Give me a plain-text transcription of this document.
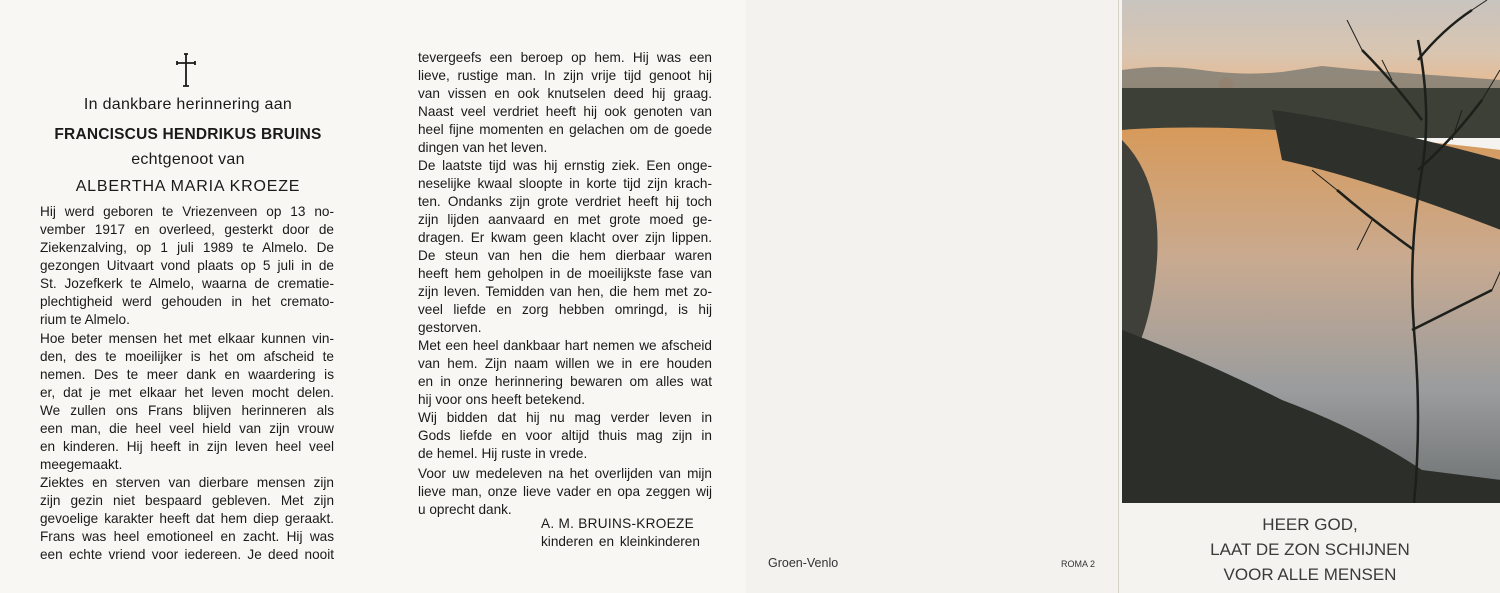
In dankbare herinnering aan
FRANCISCUS HENDRIKUS BRUINS
echtgenoot van
ALBERTHA MARIA KROEZE
Hij werd geboren te Vriezenveen op 13 no-
vember 1917 en overleed, gesterkt door de
Ziekenzalving, op 1 juli 1989 te Almelo. De
gezongen Uitvaart vond plaats op 5 juli in de
St. Jozefkerk te Almelo, waarna de crematie-
plechtigheid werd gehouden in het cremato-
rium te Almelo.
Hoe beter mensen het met elkaar kunnen vin-
den, des te moeilijker is het om afscheid te
nemen. Des te meer dank en waardering is
er, dat je met elkaar het leven mocht delen.
We zullen ons Frans blijven herinneren als
een man, die heel veel hield van zijn vrouw
en kinderen. Hij heeft in zijn leven heel veel
meegemaakt.
Ziektes en sterven van dierbare mensen zijn
zijn gezin niet bespaard gebleven. Met zijn
gevoelige karakter heeft dat hem diep geraakt.
Frans was heel emotioneel en zacht. Hij was
een echte vriend voor iedereen. Je deed nooit
tevergeefs een beroep op hem. Hij was een
lieve, rustige man. In zijn vrije tijd genoot hij
van vissen en ook knutselen deed hij graag.
Naast veel verdriet heeft hij ook genoten van
heel fijne momenten en gelachen om de goede
dingen van het leven.
De laatste tijd was hij ernstig ziek. Een onge-
neselijke kwaal sloopte in korte tijd zijn krach-
ten. Ondanks zijn grote verdriet heeft hij toch
zijn lijden aanvaard en met grote moed ge-
dragen. Er kwam geen klacht over zijn lippen.
De steun van hen die hem dierbaar waren
heeft hem geholpen in de moeilijkste fase van
zijn leven. Temidden van hen, die hem met zo-
veel liefde en zorg hebben omringd, is hij
gestorven.
Met een heel dankbaar hart nemen we afscheid
van hem. Zijn naam willen we in ere houden
en in onze herinnering bewaren om alles wat
hij voor ons heeft betekend.
Wij bidden dat hij nu mag verder leven in
Gods liefde en voor altijd thuis mag zijn in
de hemel. Hij ruste in vrede.
Voor uw medeleven na het overlijden van mijn
lieve man, onze lieve vader en opa zeggen wij
u oprecht dank.
A. M. BRUINS-KROEZE
kinderen en kleinkinderen
Groen-Venlo	ROMA 2
HEER GOD,
LAAT DE ZON SCHIJNEN
VOOR ALLE MENSEN
